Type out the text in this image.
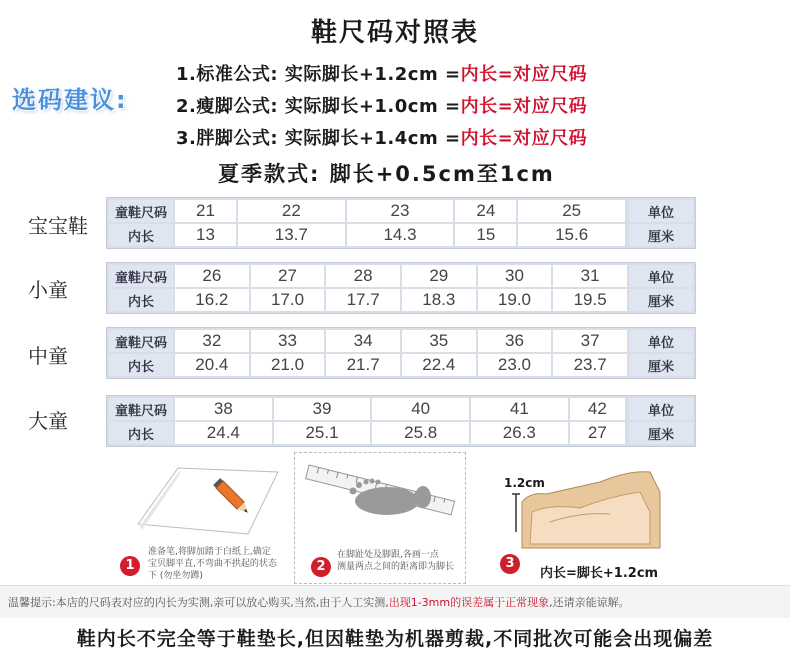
鞋尺码对照表
选码建议:
1.标准公式: 实际脚长+1.2cm =内长=对应尺码
2.瘦脚公式: 实际脚长+1.0cm =内长=对应尺码
3.胖脚公式: 实际脚长+1.4cm =内长=对应尺码
夏季款式: 脚长+0.5cm至1cm
宝宝鞋
童鞋尺码	21	22	23	24	25		单位
内长	13	13.7	14.3	15	15.6		厘米
小童	童鞋尺码	26	27	28	29	30	31	单位
内长	16.2	17.0	17.7	18.3	19.0	19.5	厘米
中童
童鞋尺码	32	33	34	35	36	37	单位
内长	20.4	21.0	21.7	22.4	23.0	23.7	厘米
大童	童鞋尺码	38	39	40	41	42		单位
内长	24.4	25.1	25.8	26.3	27		厘米
1
准备笔,将脚加踏于白纸上,确定
宝贝脚平直,不弯曲不拱起的状态
下 (勿坐勿蹲)
2
在脚趾处及脚跟,各画一点
测量两点之间的距离即为脚长
1.2cm
3
内长=脚长+1.2cm
温馨提示:本店的尺码表对应的内长为实测,亲可以放心购买,当然,由于人工实测,出现1-3mm的误差属于正常现象,还请亲能谅解。
鞋内长不完全等于鞋垫长,但因鞋垫为机器剪裁,不同批次可能会出现偏差
